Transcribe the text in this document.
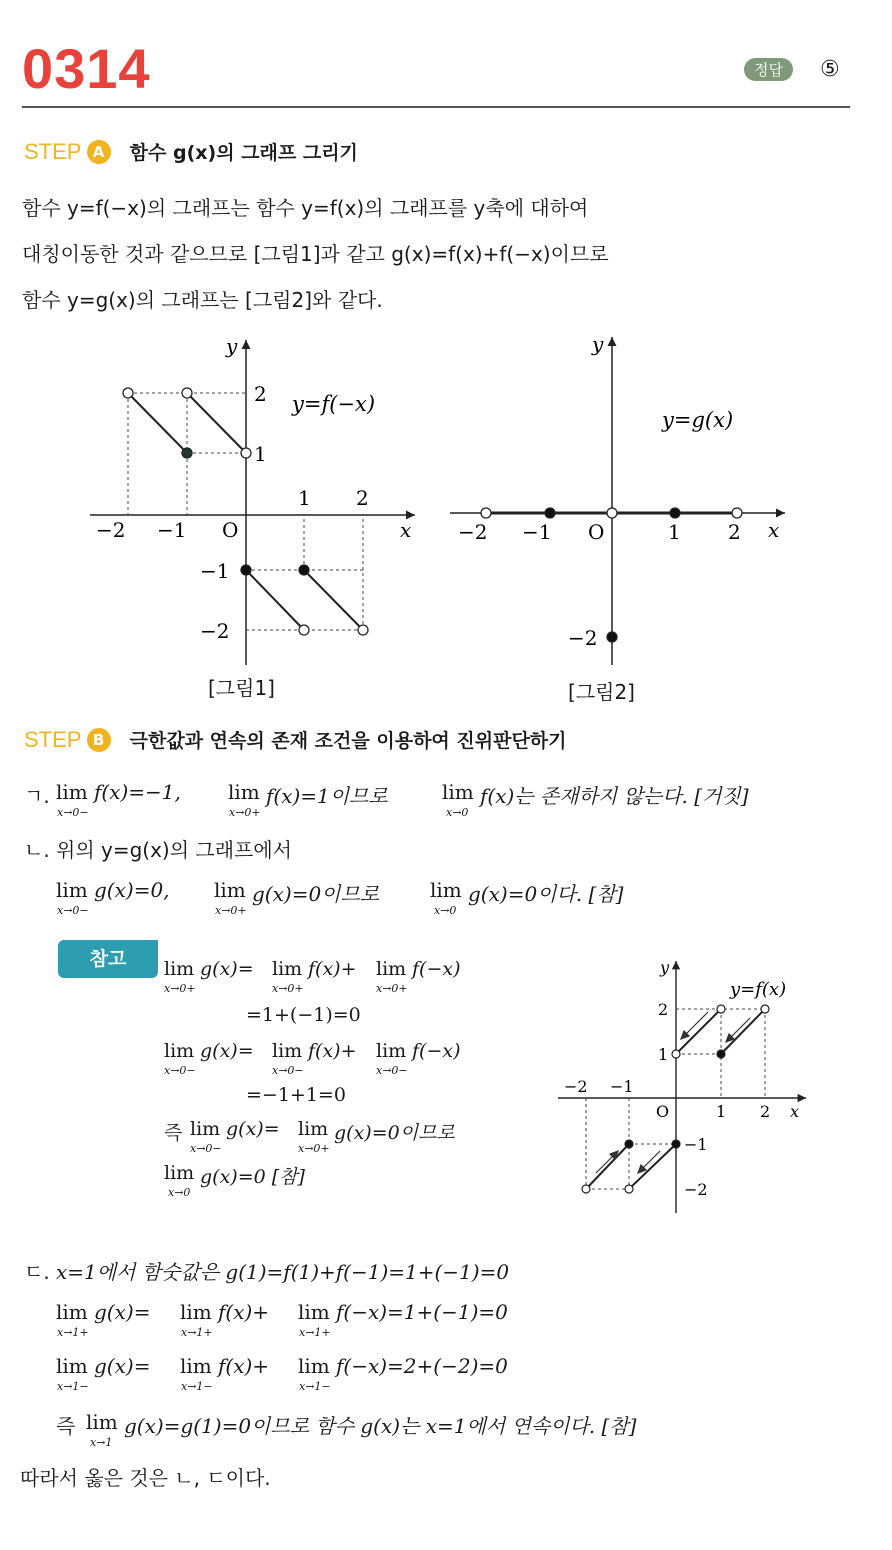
0314	정답	⑤
STEP A 함수 g(x)의 그래프 그리기
함수 y=f(−x)의 그래프는 함수 y=f(x)의 그래프를 y축에 대하여
대칭이동한 것과 같으므로 [그림1]과 같고 g(x)=f(x)+f(−x)이므로
함수 y=g(x)의 그래프는 [그림2]와 같다.
y
x
O
−2 −1
1 2
2
1
−1
−2
y=f(−x)
[그림1]
y
x
O
−2 −1	1 2
−2
y=g(x)
[그림2]
STEP B 극한값과 연속의 존재 조건을 이용하여 진위판단하기
ㄱ. lim
x→0−
f(x)=−1, lim
x→0+
f(x)=1이므로	lim
x→0
f(x)는 존재하지 않는다. [거짓]
ㄴ. 위의 y=g(x)의 그래프에서
lim
x→0−
g(x)=0, lim
x→0+
g(x)=0이므로	lim
x→0
g(x)=0이다. [참]
참고	lim
x→0+
g(x)= lim
x→0+
f(x)+ lim
x→0+
f(−x)
=1+(−1)=0
lim
x→0−
g(x)= lim
x→0−
f(x)+ lim
x→0−
f(−x)
=−1+1=0
즉 lim
x→0−
g(x)= lim
x→0+
g(x)=0이므로
lim
x→0
g(x)=0 [참]
y
x
O
−2 −1
1 2
2
1
−1
−2
y=f(x)
ㄷ. x=1에서 함숫값은 g(1)=f(1)+f(−1)=1+(−1)=0
lim
x→1+
g(x)= lim
x→1+
f(x)+ lim
x→1+
f(−x)=1+(−1)=0
lim
x→1−
g(x)= lim
x→1−
f(x)+ lim
x→1−
f(−x)=2+(−2)=0
즉 lim
x→1
g(x)=g(1)=0이므로 함수 g(x)는 x=1에서 연속이다. [참]
따라서 옳은 것은 ㄴ, ㄷ이다.
